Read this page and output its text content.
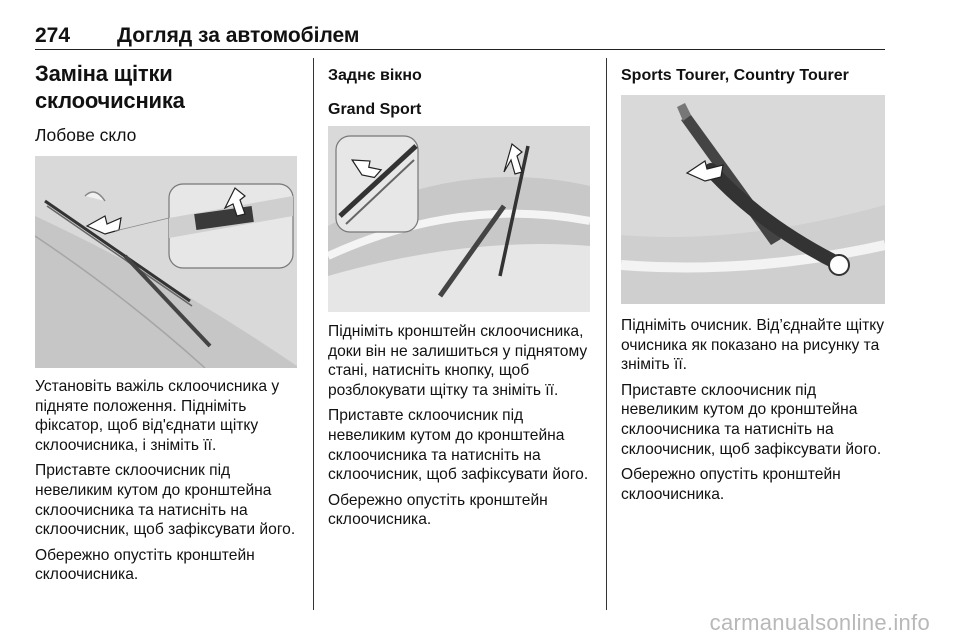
274 Догляд за автомобілем
Заміна щітки
склоочисника
Лобове скло

Установіть важіль склоочисника у підняте положення. Підніміть фіксатор, щоб від'єднати щітку склоочисника, і зніміть її.

Приставте склоочисник під невеликим кутом до кронштейна склоочисника та натисніть на склоочисник, щоб зафіксувати його.

Обережно опустіть кронштейн склоочисника.

Заднє вікно
Grand Sport

Підніміть кронштейн склоочисника, доки він не залишиться у піднятому стані, натисніть кнопку, щоб розблокувати щітку та зніміть її.

Приставте склоочисник під невеликим кутом до кронштейна склоочисника та натисніть на склоочисник, щоб зафіксувати його.

Обережно опустіть кронштейн склоочисника.

Sports Tourer, Country Tourer

Підніміть очисник. Від’єднайте щітку очисника як показано на рисунку та зніміть її.

Приставте склоочисник під невеликим кутом до кронштейна склоочисника та натисніть на склоочисник, щоб зафіксувати його.

Обережно опустіть кронштейн склоочисника.

carmanualsonline.info
